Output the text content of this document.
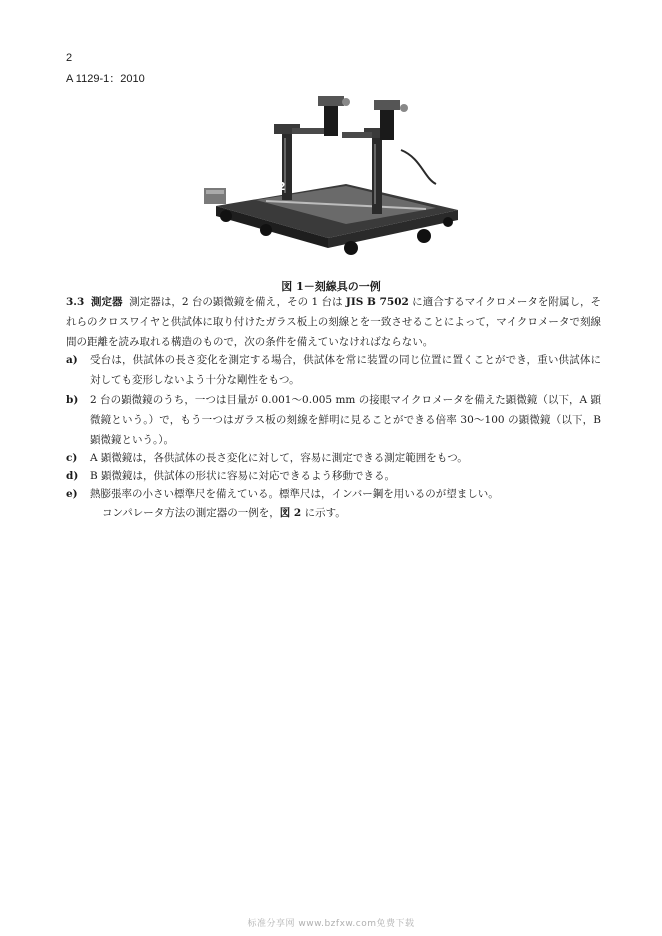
2
A 1129-1：2010
2
図 1－刻線具の一例
3.3 測定器 測定器は，2 台の顕微鏡を備え，その 1 台は JIS B 7502 に適合するマイクロメータを附属し，それらのクロスワイヤと供試体に取り付けたガラス板上の刻線とを一致させることによって，マイクロメータで刻線間の距離を読み取れる構造のもので，次の条件を備えていなければならない。
a) 受台は，供試体の長さ変化を測定する場合，供試体を常に装置の同じ位置に置くことができ，重い供試体に対しても変形しないよう十分な剛性をもつ。
b) 2 台の顕微鏡のうち，一つは目量が 0.001～0.005 mm の接眼マイクロメータを備えた顕微鏡（以下，A 顕微鏡という。）で，もう一つはガラス板の刻線を鮮明に見ることができる倍率 30～100 の顕微鏡（以下，B 顕微鏡という。）。
c) A 顕微鏡は，各供試体の長さ変化に対して，容易に測定できる測定範囲をもつ。
d) B 顕微鏡は，供試体の形状に容易に対応できるよう移動できる。
e) 熱膨張率の小さい標準尺を備えている。標準尺は，インバー鋼を用いるのが望ましい。
コンパレータ方法の測定器の一例を，図 2 に示す。
标准分享网 www.bzfxw.com免费下载
